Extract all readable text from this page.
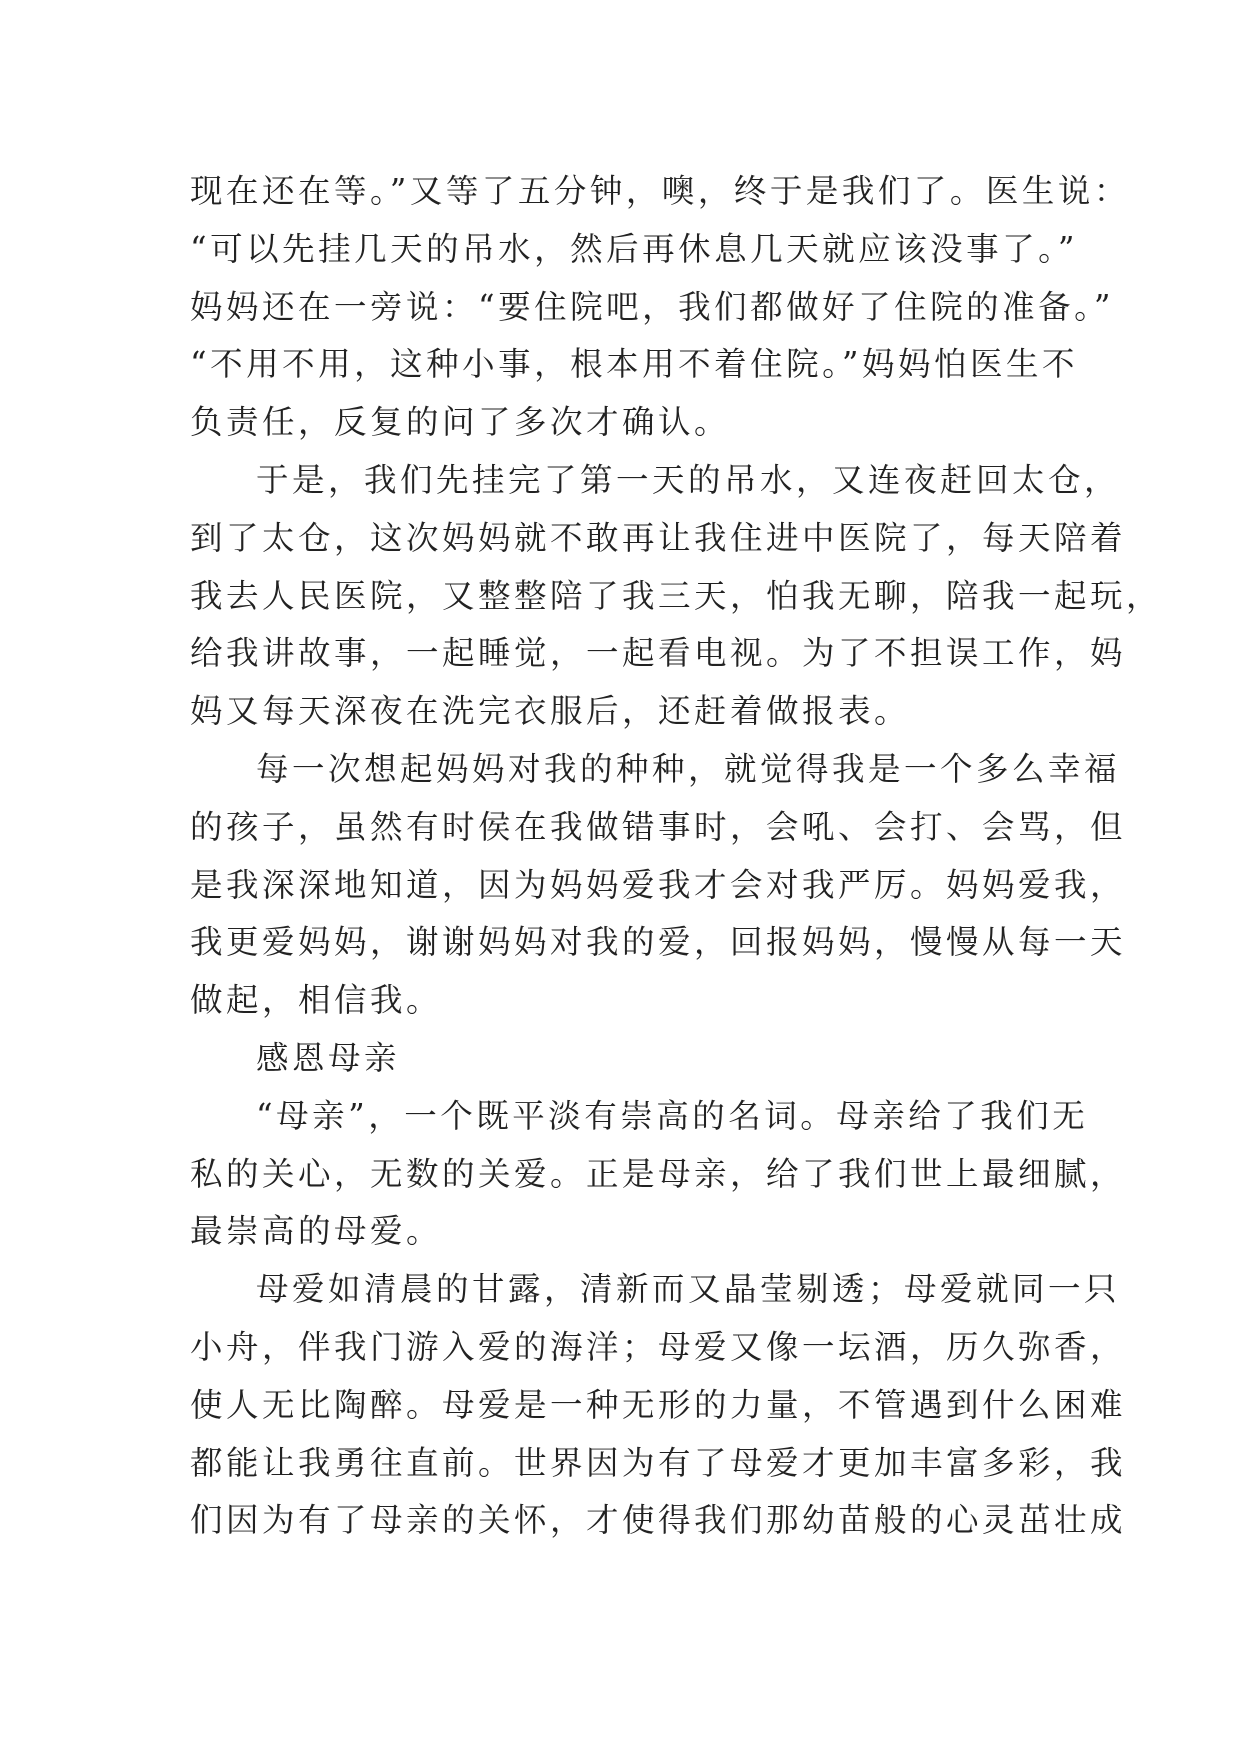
现在还在等。”又等了五分钟，噢，终于是我们了。医生说：
“可以先挂几天的吊水，然后再休息几天就应该没事了。”
妈妈还在一旁说：“要住院吧，我们都做好了住院的准备。”
“不用不用，这种小事，根本用不着住院。”妈妈怕医生不
负责任，反复的问了多次才确认。
于是，我们先挂完了第一天的吊水，又连夜赶回太仓，
到了太仓，这次妈妈就不敢再让我住进中医院了，每天陪着
我去人民医院，又整整陪了我三天，怕我无聊，陪我一起玩，
给我讲故事，一起睡觉，一起看电视。为了不担误工作，妈
妈又每天深夜在洗完衣服后，还赶着做报表。
每一次想起妈妈对我的种种，就觉得我是一个多么幸福
的孩子，虽然有时侯在我做错事时，会吼、会打、会骂，但
是我深深地知道，因为妈妈爱我才会对我严厉。妈妈爱我，
我更爱妈妈，谢谢妈妈对我的爱，回报妈妈，慢慢从每一天
做起，相信我。
感恩母亲
“母亲”，一个既平淡有崇高的名词。母亲给了我们无
私的关心，无数的关爱。正是母亲，给了我们世上最细腻，
最崇高的母爱。
母爱如清晨的甘露，清新而又晶莹剔透；母爱就同一只
小舟，伴我门游入爱的海洋；母爱又像一坛酒，历久弥香，
使人无比陶醉。母爱是一种无形的力量，不管遇到什么困难
都能让我勇往直前。世界因为有了母爱才更加丰富多彩，我
们因为有了母亲的关怀，才使得我们那幼苗般的心灵茁壮成
